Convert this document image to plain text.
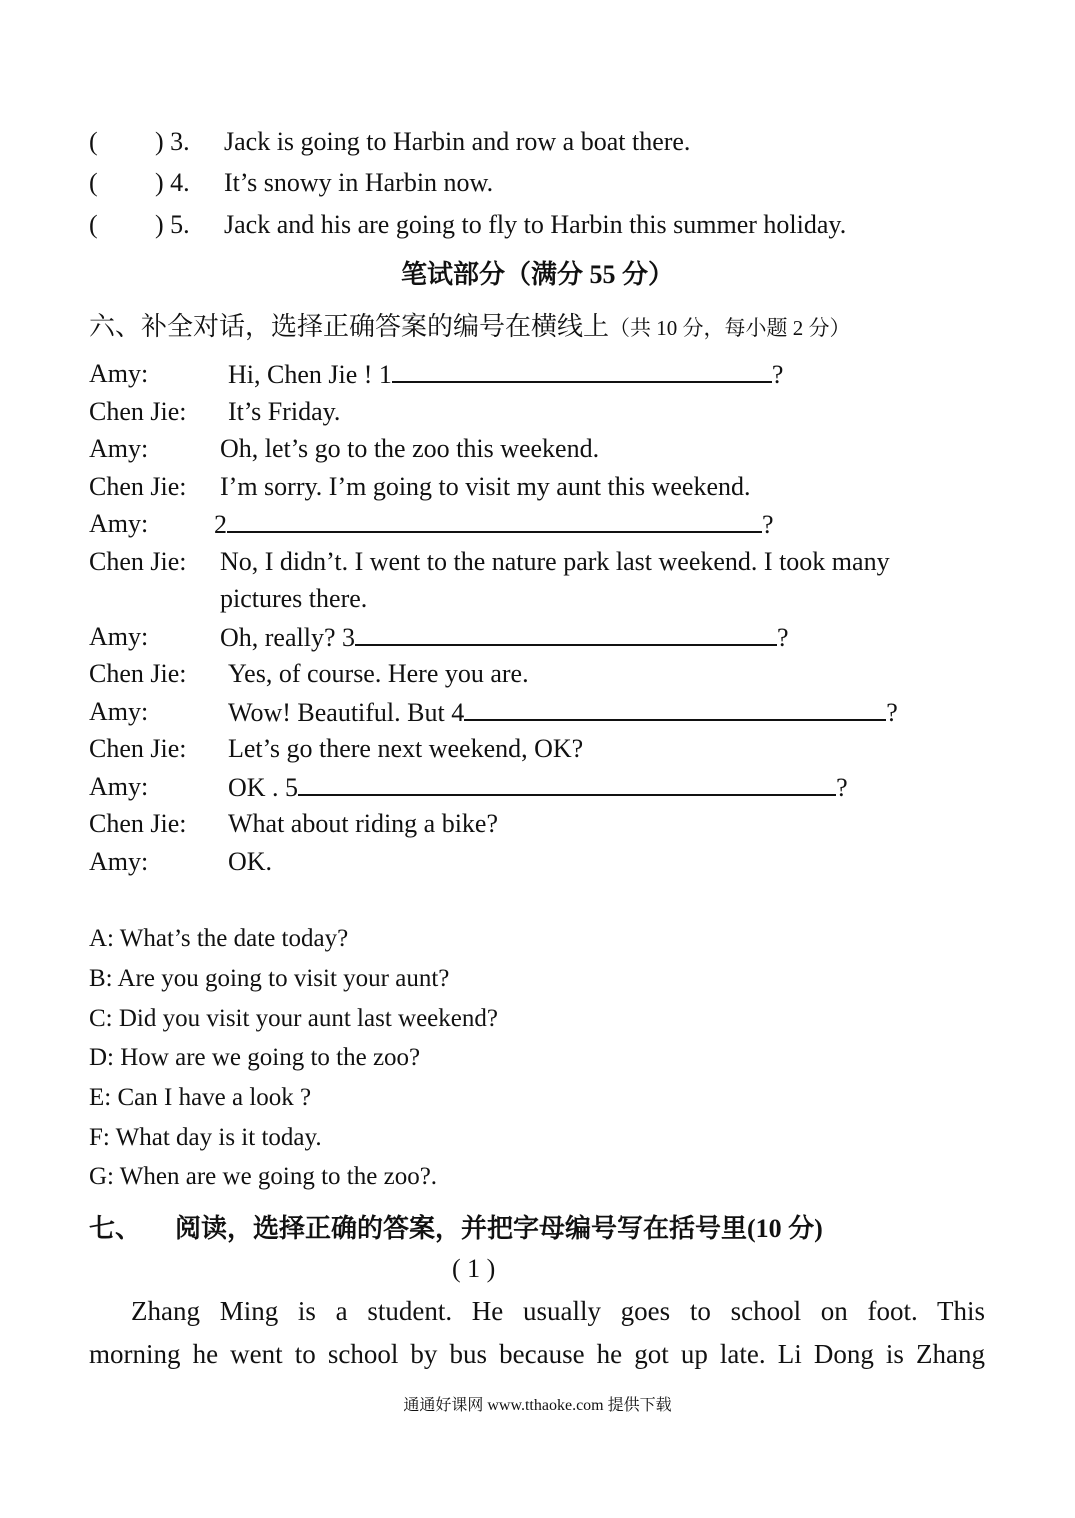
( ) 3. Jack is going to Harbin and row a boat there.
( ) 4. It’s snowy in Harbin now.
( ) 5. Jack and his are going to fly to Harbin this summer holiday.
笔试部分（满分 55 分）
六、补全对话，选择正确答案的编号在横线上（共 10 分，每小题 2 分）
Amy:	Hi, Chen Jie ! 1	?
Chen Jie: It’s Friday.
Amy:	Oh, let’s go to the zoo this weekend.
Chen Jie: I’m sorry. I’m going to visit my aunt this weekend.
Amy:	2	?
Chen Jie: No, I didn’t. I went to the nature park last weekend. I took many
pictures there.
Amy:	Oh, really? 3	?
Chen Jie: Yes, of course. Here you are.
Amy:	Wow! Beautiful. But 4	?
Chen Jie: Let’s go there next weekend, OK?
Amy:	OK . 5	?
Chen Jie: What about riding a bike?
Amy:	OK.
A: What’s the date today?
B: Are you going to visit your aunt?
C: Did you visit your aunt last weekend?
D: How are we going to the zoo?
E: Can I have a look ?
F: What day is it today.
G: When are we going to the zoo?.
七、 阅读，选择正确的答案，并把字母编号写在括号里(10 分)
( 1 )
Zhang Ming is a student. He usually goes to school on foot. This
morning he went to school by bus because he got up late. Li Dong is Zhang
通通好课网 www.tthaoke.com 提供下载
